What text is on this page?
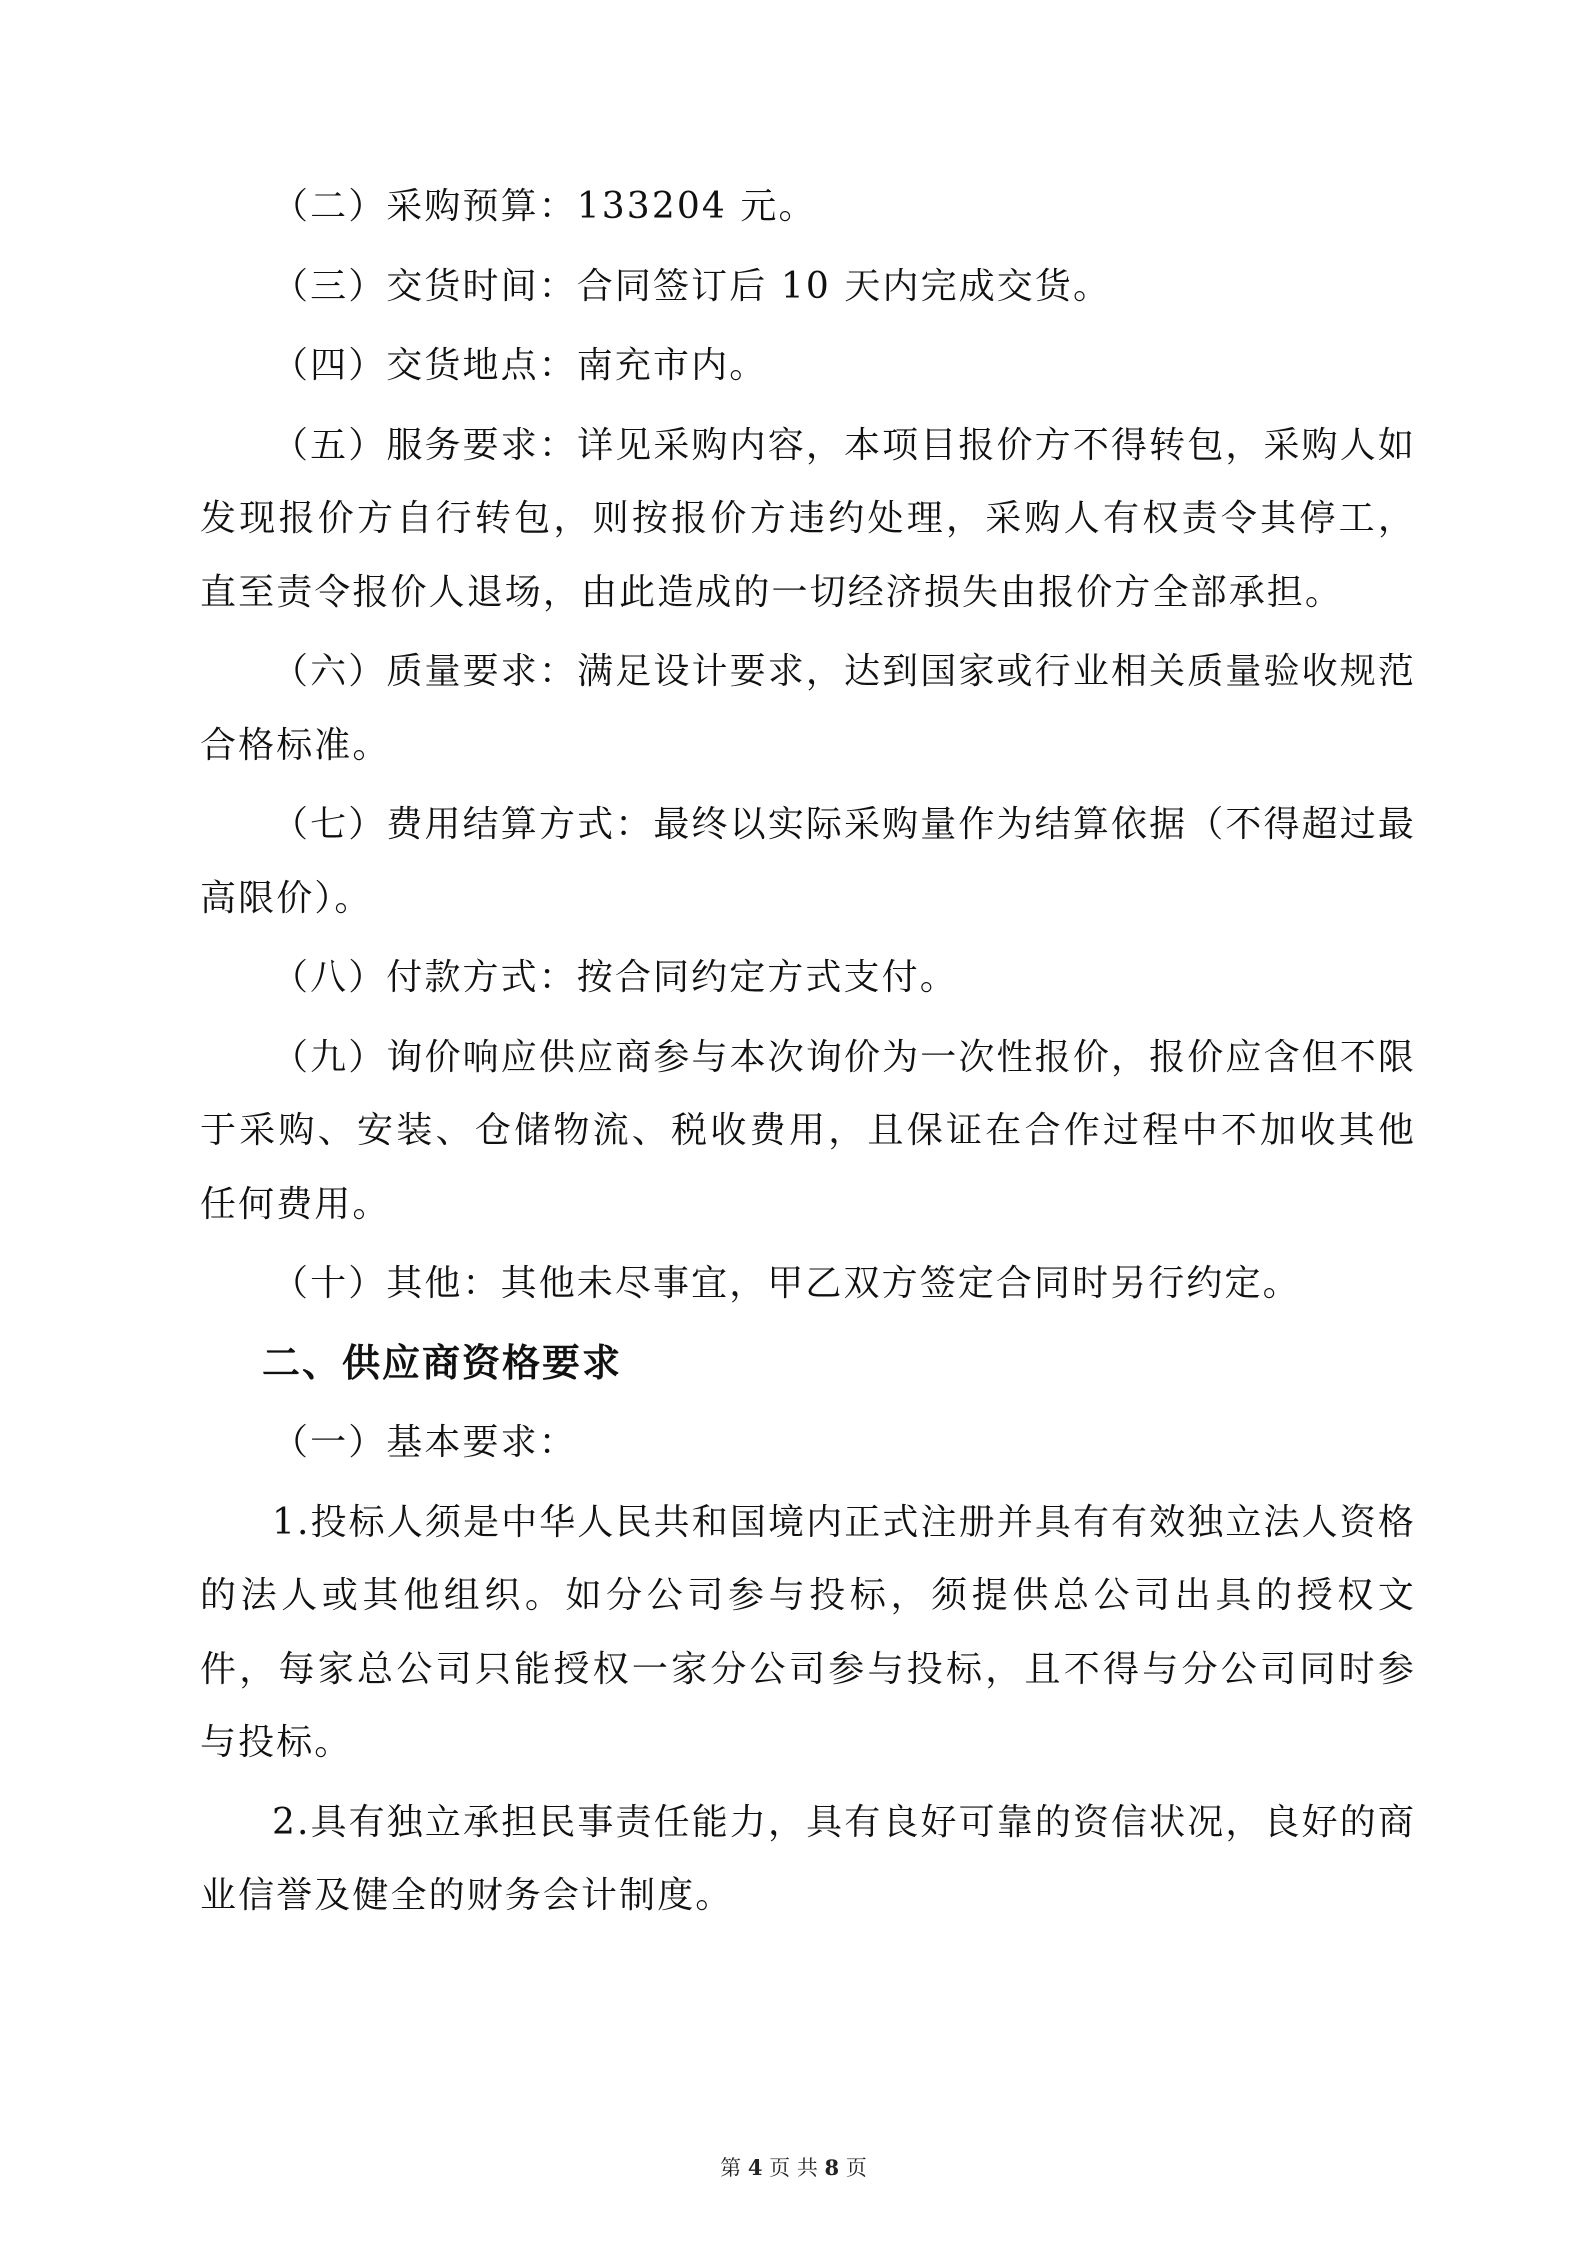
（二）采购预算：133204 元。

（三）交货时间：合同签订后 10 天内完成交货。

（四）交货地点：南充市内。

（五）服务要求：详见采购内容，本项目报价方不得转包，采购人如发现报价方自行转包，则按报价方违约处理，采购人有权责令其停工，直至责令报价人退场，由此造成的一切经济损失由报价方全部承担。

（六）质量要求：满足设计要求，达到国家或行业相关质量验收规范合格标准。

（七）费用结算方式：最终以实际采购量作为结算依据（不得超过最高限价）。

（八）付款方式：按合同约定方式支付。

（九）询价响应供应商参与本次询价为一次性报价，报价应含但不限于采购、安装、仓储物流、税收费用，且保证在合作过程中不加收其他任何费用。

（十）其他：其他未尽事宜，甲乙双方签定合同时另行约定。

二、供应商资格要求

（一）基本要求：

1.投标人须是中华人民共和国境内正式注册并具有有效独立法人资格的法人或其他组织。如分公司参与投标，须提供总公司出具的授权文件，每家总公司只能授权一家分公司参与投标，且不得与分公司同时参与投标。

2.具有独立承担民事责任能力，具有良好可靠的资信状况，良好的商业信誉及健全的财务会计制度。

第 4 页 共 8 页
